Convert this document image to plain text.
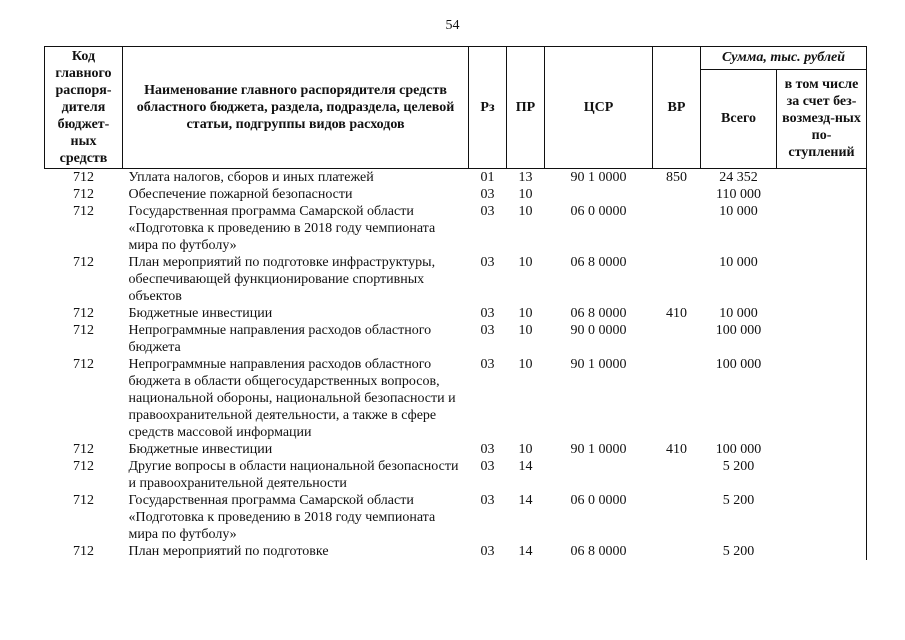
54
Код главного распоря-дителя бюджет-ных средств	Наименование главного распорядителя средств областного бюджета, раздела, подраздела, целевой статьи, подгруппы видов расходов	Рз	ПР	ЦСР	ВР	Сумма, тыс. рублей	
						Всего	в том числе за счет без-возмезд-ных по-ступлений
712	Уплата налогов, сборов и иных платежей	01	13	90 1 0000	850	24 352	
712	Обеспечение пожарной безопасности	03	10			110 000	
712	Государственная программа Самарской области «Подготовка к проведению в 2018 году чемпионата мира по футболу»	03	10	06 0 0000		10 000	
712	План мероприятий по подготовке инфраструктуры, обеспечивающей функционирование спортивных объектов	03	10	06 8 0000		10 000	
712	Бюджетные инвестиции	03	10	06 8 0000	410	10 000	
712	Непрограммные направления расходов областного бюджета	03	10	90 0 0000		100 000	
712	Непрограммные направления расходов областного бюджета в области общегосударственных вопросов, национальной обороны, национальной безопасности и правоохранительной деятельности, а также в сфере средств массовой информации	03	10	90 1 0000		100 000	
712	Бюджетные инвестиции	03	10	90 1 0000	410	100 000	
712	Другие вопросы в области национальной безопасности и правоохранительной деятельности	03	14			5 200	
712	Государственная программа Самарской области «Подготовка к проведению в 2018 году чемпионата мира по футболу»	03	14	06 0 0000		5 200	
712	План мероприятий по подготовке	03	14	06 8 0000		5 200	
